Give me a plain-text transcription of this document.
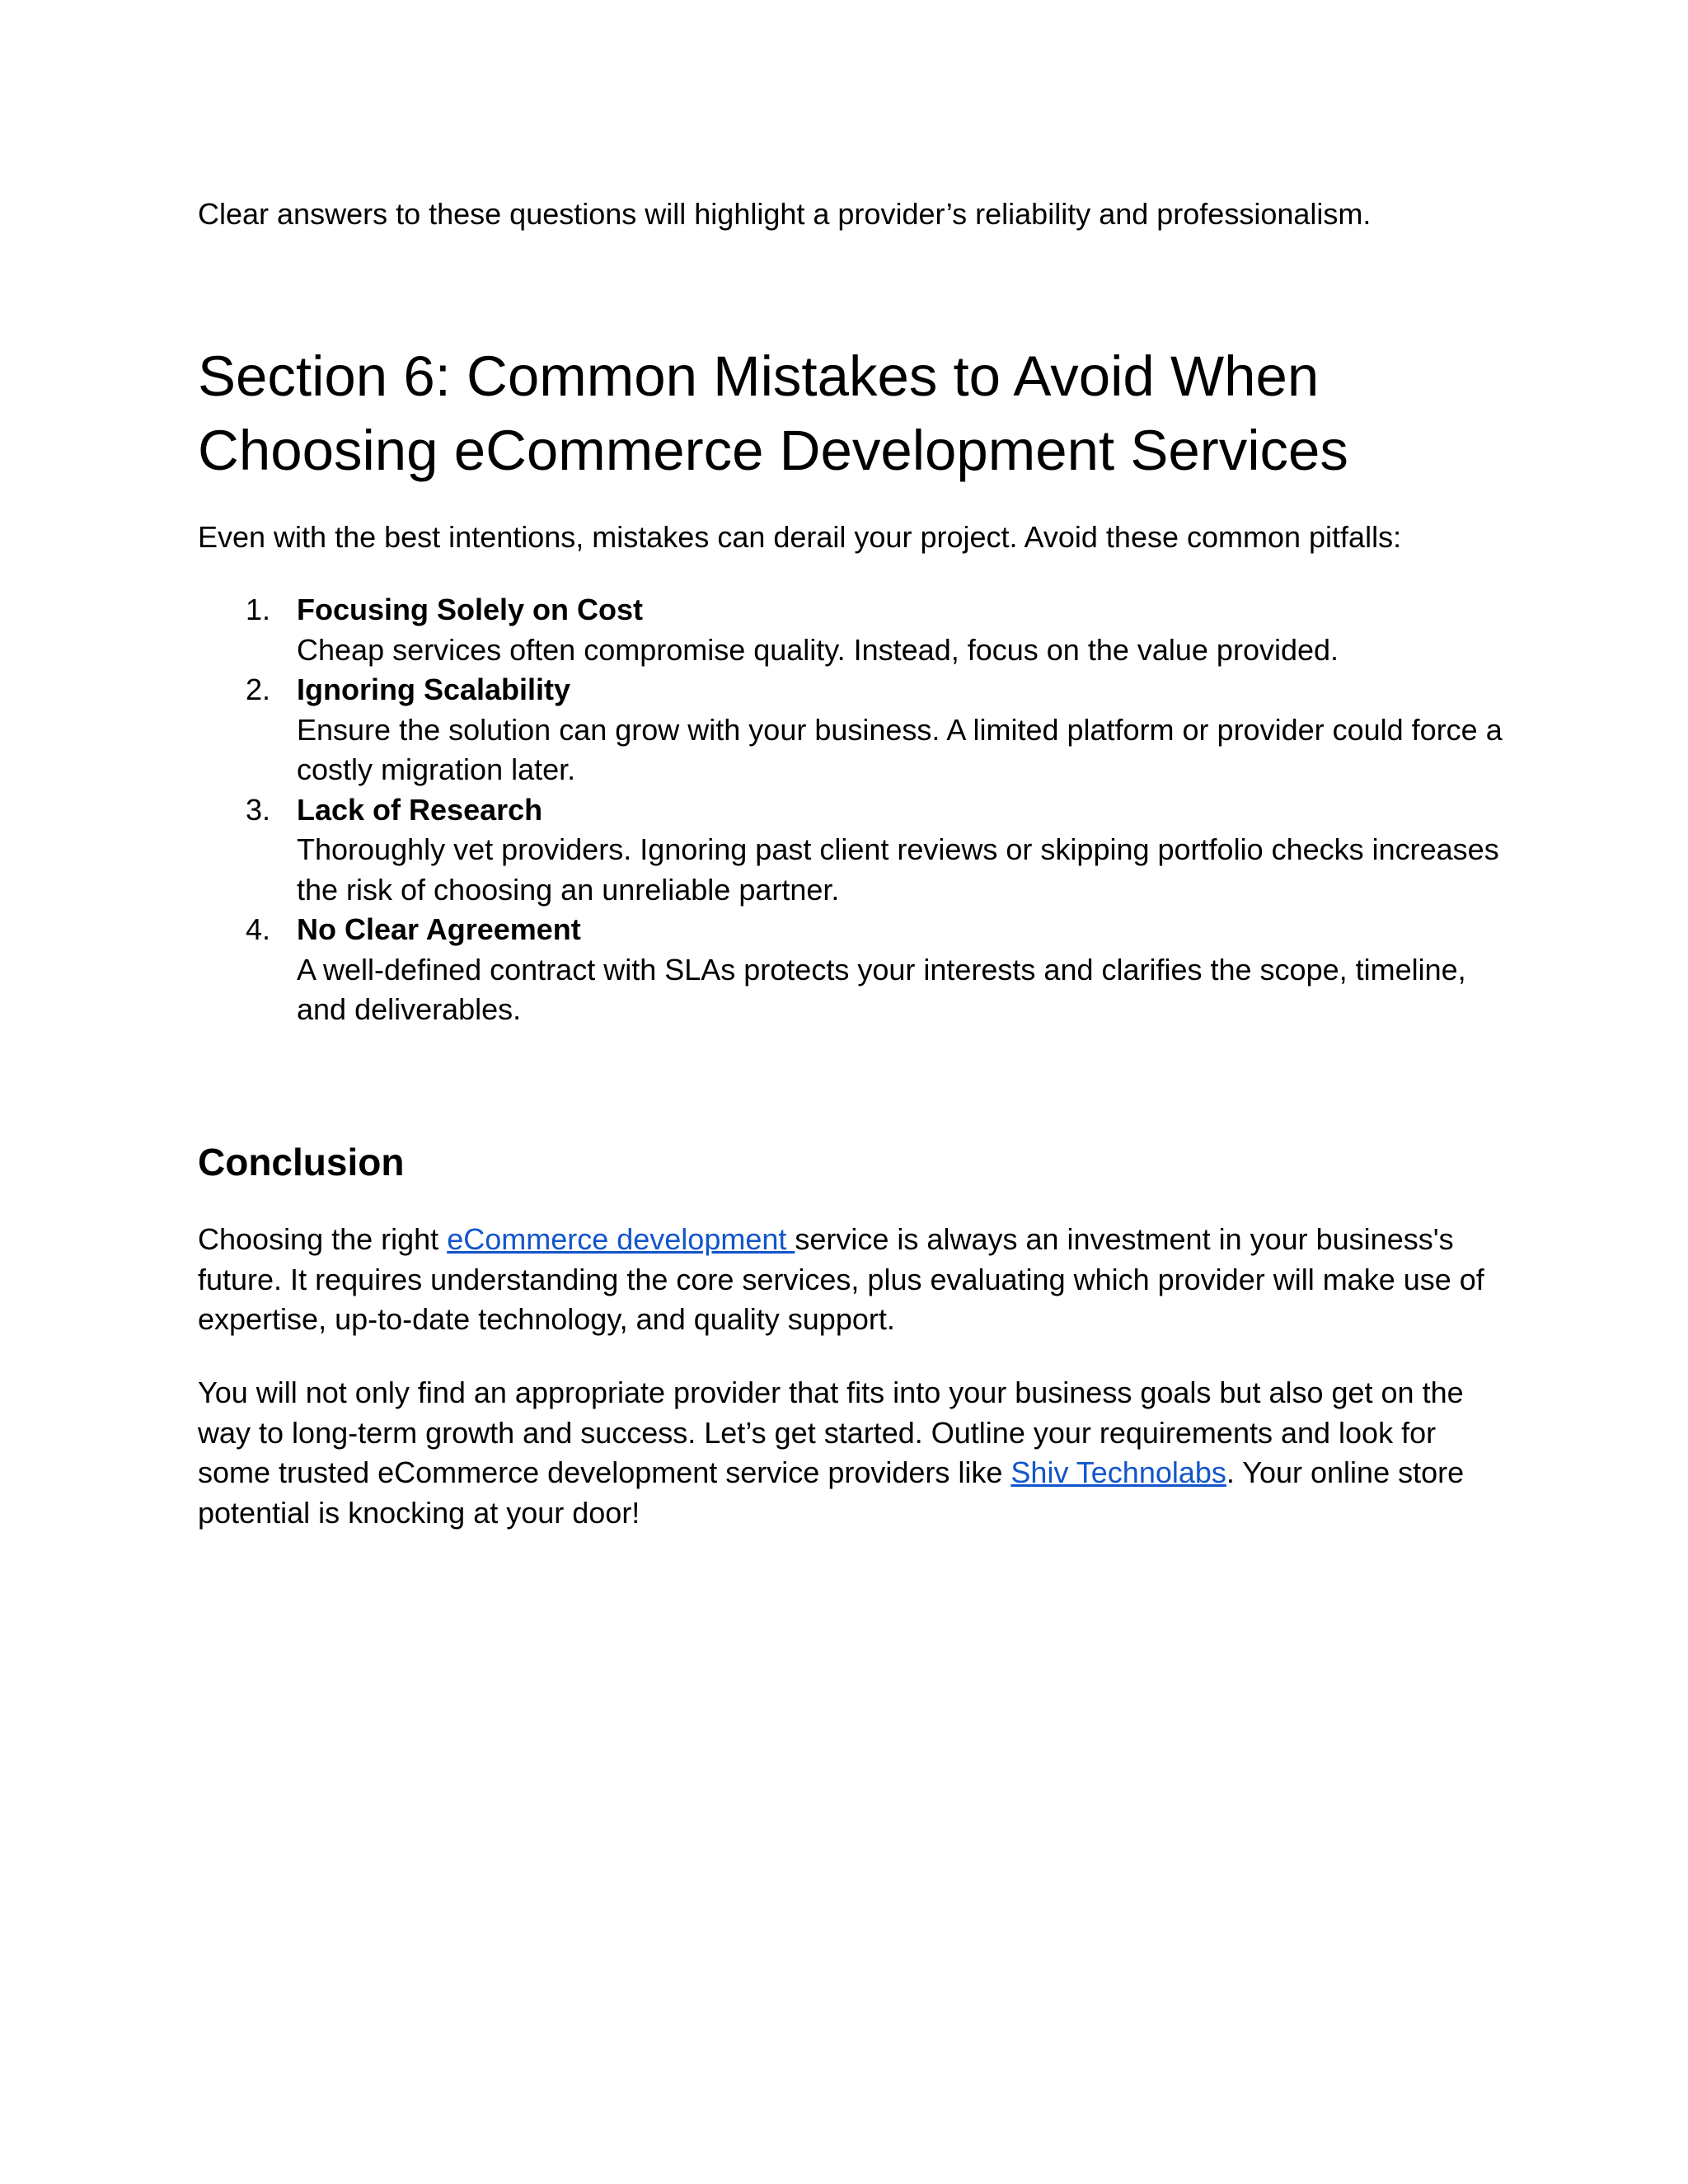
Clear answers to these questions will highlight a provider’s reliability and professionalism.

Section 6: Common Mistakes to Avoid When
Choosing eCommerce Development Services

Even with the best intentions, mistakes can derail your project. Avoid these common pitfalls:

1. Focusing Solely on Cost
Cheap services often compromise quality. Instead, focus on the value provided.
2. Ignoring Scalability
Ensure the solution can grow with your business. A limited platform or provider could force a costly migration later.
3. Lack of Research
Thoroughly vet providers. Ignoring past client reviews or skipping portfolio checks increases the risk of choosing an unreliable partner.
4. No Clear Agreement
A well-defined contract with SLAs protects your interests and clarifies the scope, timeline, and deliverables.
Conclusion

Choosing the right eCommerce development service is always an investment in your business's future. It requires understanding the core services, plus evaluating which provider will make use of expertise, up-to-date technology, and quality support.

You will not only find an appropriate provider that fits into your business goals but also get on the way to long-term growth and success. Let’s get started. Outline your requirements and look for some trusted eCommerce development service providers like Shiv Technolabs. Your online store potential is knocking at your door!
